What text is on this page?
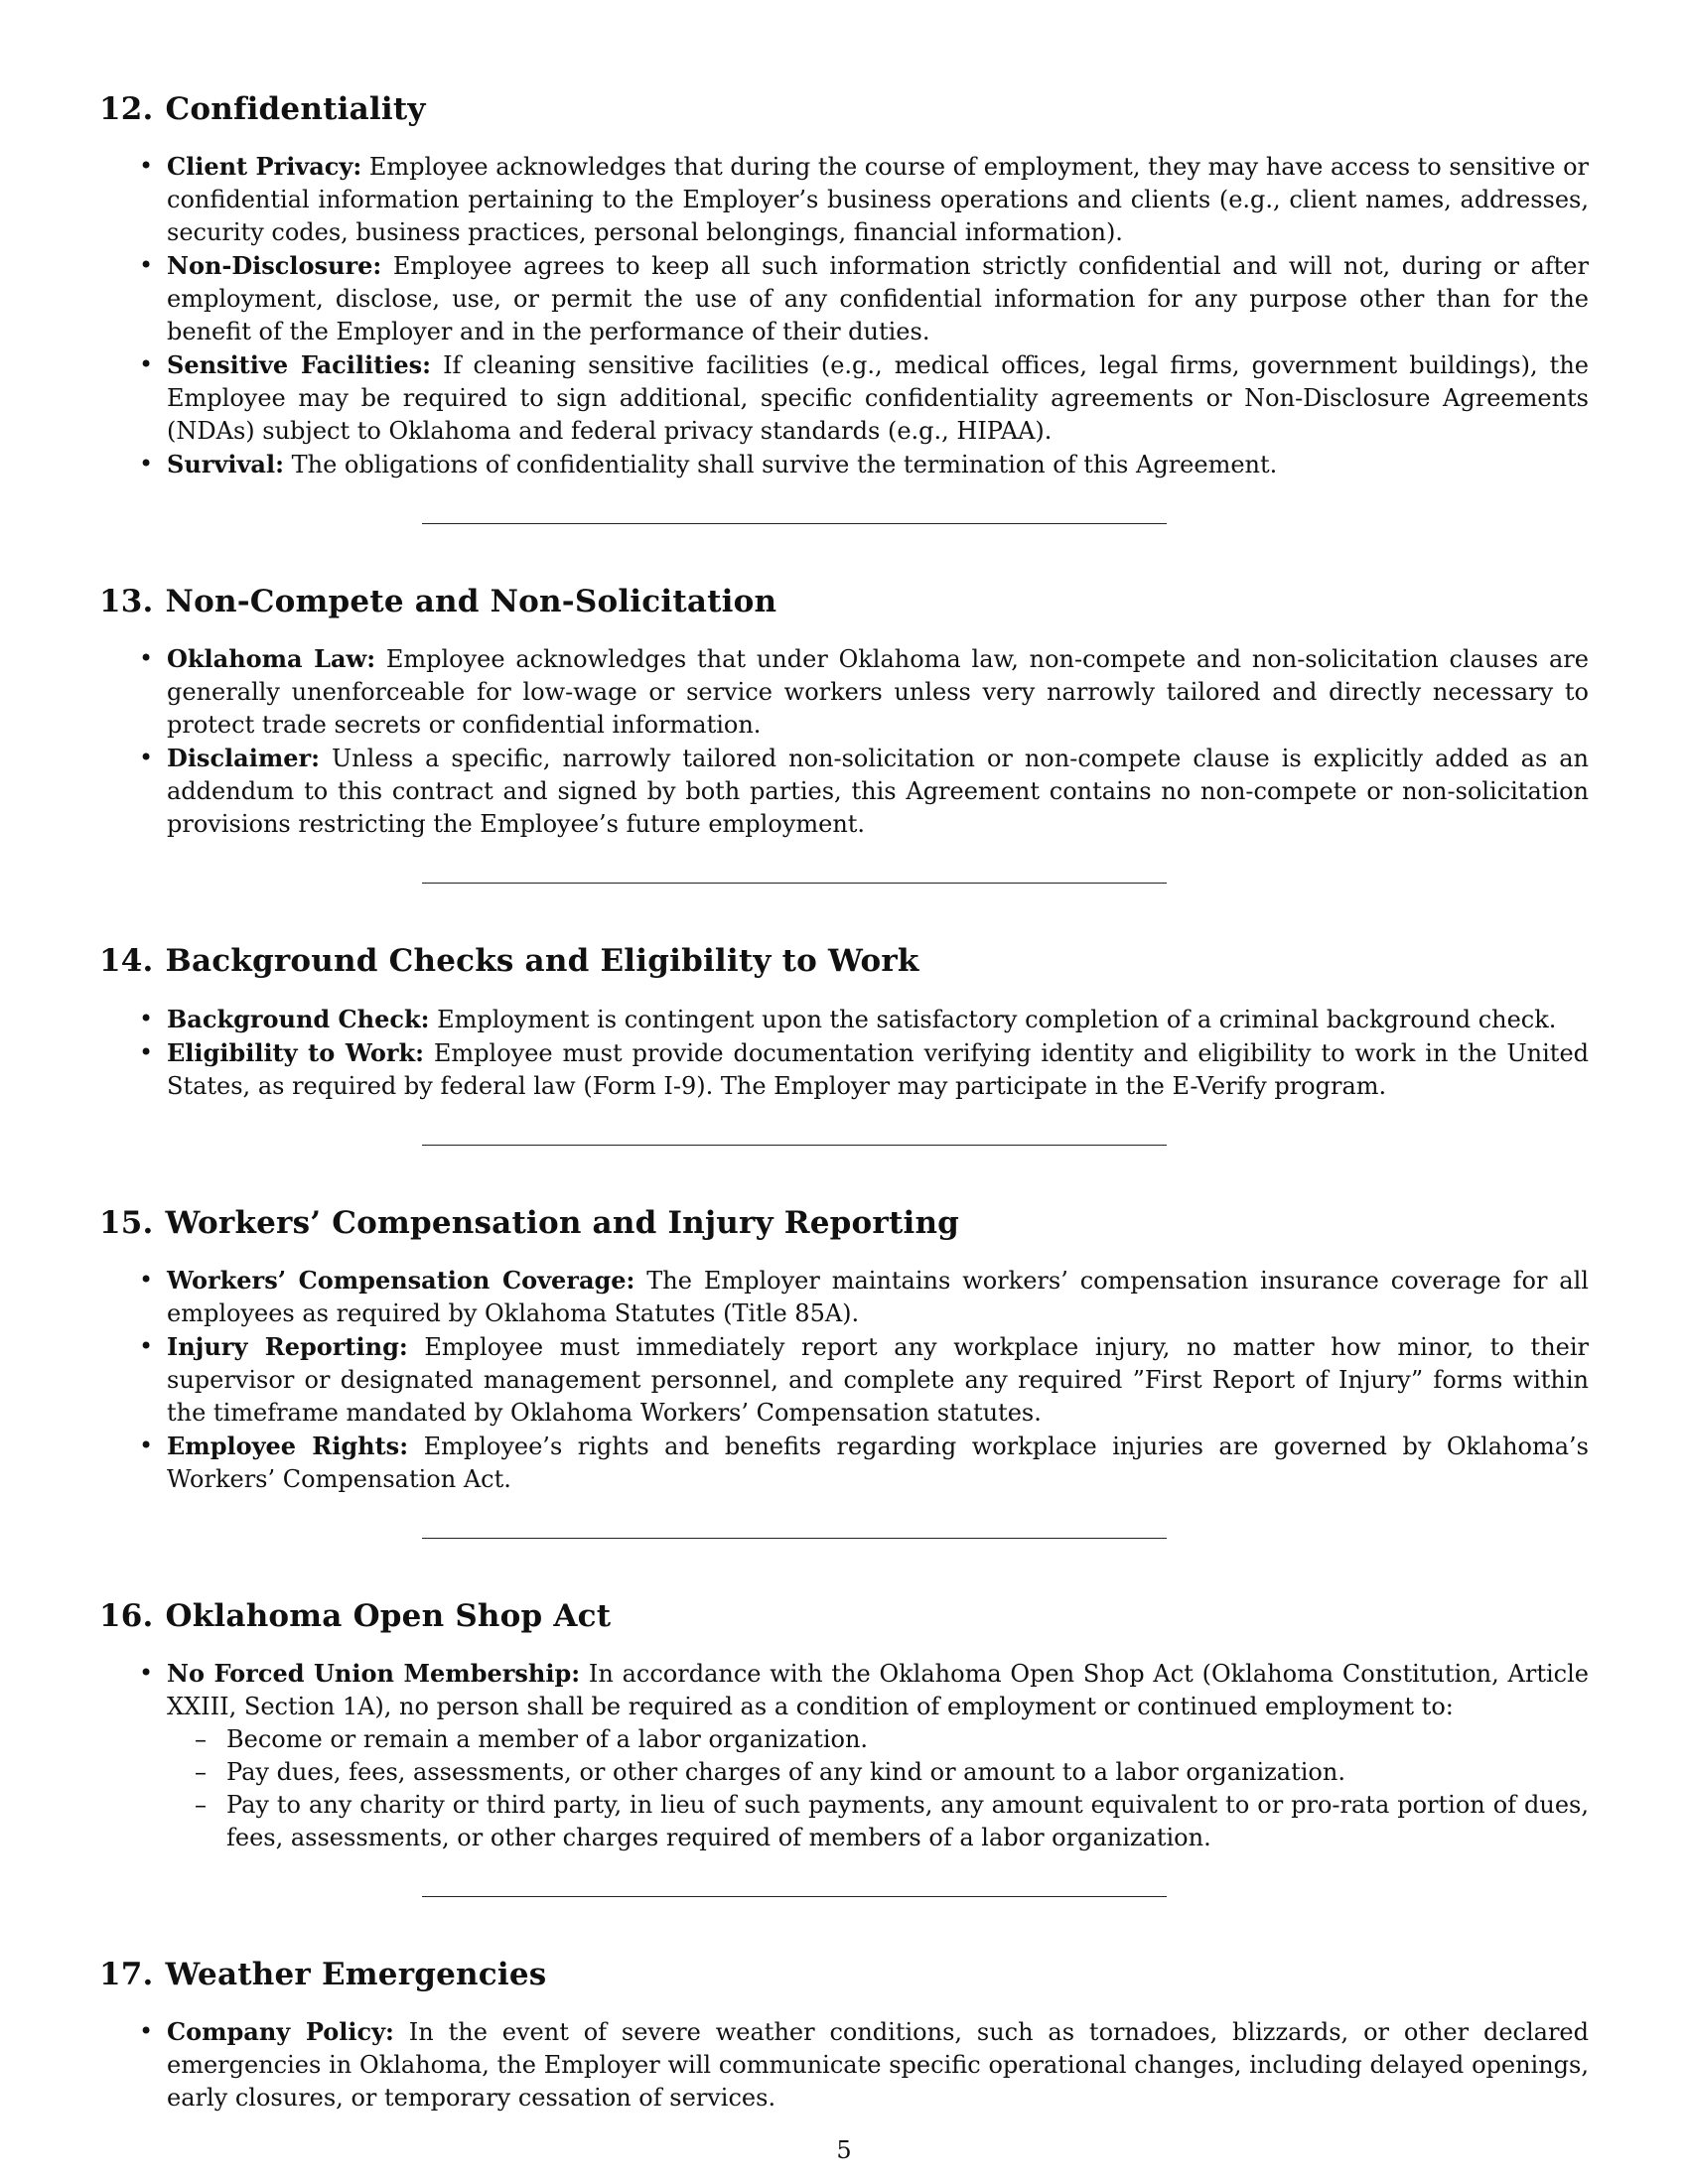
12. Confidentiality
• Client Privacy: Employee acknowledges that during the course of employment, they may have access to sensitive or confidential information pertaining to the Employer’s business operations and clients (e.g., client names, addresses, security codes, business practices, personal belongings, financial information).
• Non-Disclosure: Employee agrees to keep all such information strictly confidential and will not, during or after employment, disclose, use, or permit the use of any confidential information for any purpose other than for the benefit of the Employer and in the performance of their duties.
• Sensitive Facilities: If cleaning sensitive facilities (e.g., medical offices, legal firms, government buildings), the Employee may be required to sign additional, specific confidentiality agreements or Non-Disclosure Agreements (NDAs) subject to Oklahoma and federal privacy standards (e.g., HIPAA).
• Survival: The obligations of confidentiality shall survive the termination of this Agreement.
13. Non-Compete and Non-Solicitation
• Oklahoma Law: Employee acknowledges that under Oklahoma law, non-compete and non-solicitation clauses are generally unenforceable for low-wage or service workers unless very narrowly tailored and directly necessary to protect trade secrets or confidential information.
• Disclaimer: Unless a specific, narrowly tailored non-solicitation or non-compete clause is explicitly added as an addendum to this contract and signed by both parties, this Agreement contains no non-compete or non-solicitation provisions restricting the Employee’s future employment.
14. Background Checks and Eligibility to Work
• Background Check: Employment is contingent upon the satisfactory completion of a criminal background check.
• Eligibility to Work: Employee must provide documentation verifying identity and eligibility to work in the United States, as required by federal law (Form I-9). The Employer may participate in the E-Verify program.
15. Workers’ Compensation and Injury Reporting
• Workers’ Compensation Coverage: The Employer maintains workers’ compensation insurance coverage for all employees as required by Oklahoma Statutes (Title 85A).
• Injury Reporting: Employee must immediately report any workplace injury, no matter how minor, to their supervisor or designated management personnel, and complete any required ”First Report of Injury” forms within the timeframe mandated by Oklahoma Workers’ Compensation statutes.
• Employee Rights: Employee’s rights and benefits regarding workplace injuries are governed by Oklahoma’s Workers’ Compensation Act.
16. Oklahoma Open Shop Act
• No Forced Union Membership: In accordance with the Oklahoma Open Shop Act (Oklahoma Constitution, Article XXIII, Section 1A), no person shall be required as a condition of employment or continued employment to:
– Become or remain a member of a labor organization.
– Pay dues, fees, assessments, or other charges of any kind or amount to a labor organization.
– Pay to any charity or third party, in lieu of such payments, any amount equivalent to or pro-rata portion of dues, fees, assessments, or other charges required of members of a labor organization.
17. Weather Emergencies
• Company Policy: In the event of severe weather conditions, such as tornadoes, blizzards, or other declared emergencies in Oklahoma, the Employer will communicate specific operational changes, including delayed openings, early closures, or temporary cessation of services.
5
